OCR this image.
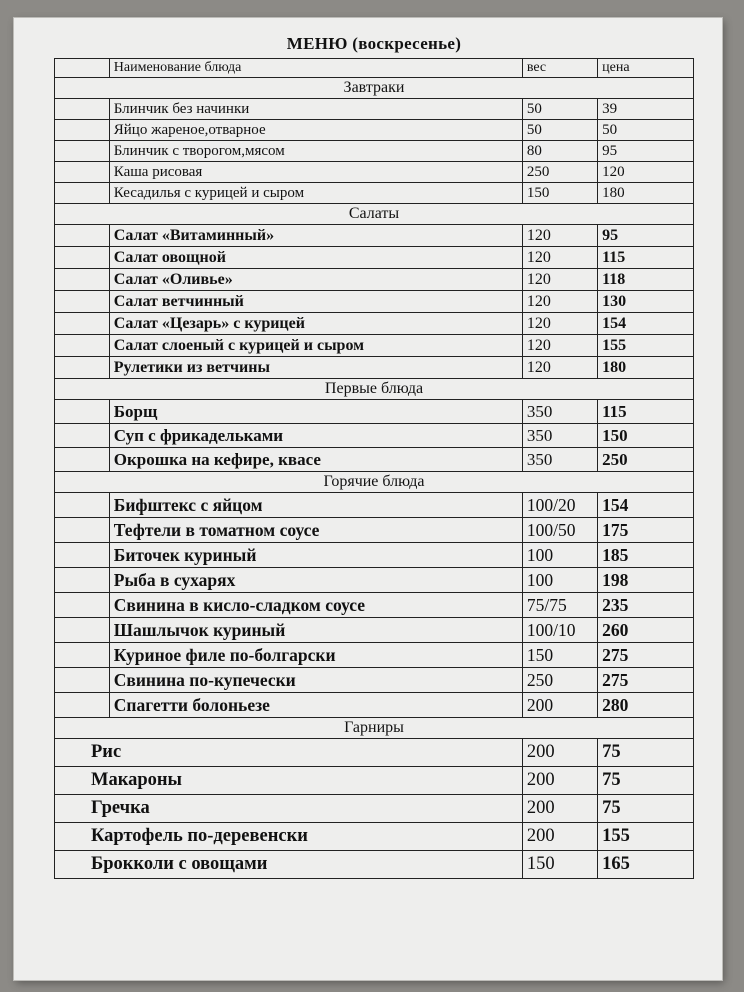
МЕНЮ (воскресенье)
	Наименование блюда	вес	цена
Завтраки			
	Блинчик без начинки	50	39
	Яйцо жареное,отварное	50	50
	Блинчик с творогом,мясом	80	95
	Каша рисовая	250	120
	Кесадилья с курицей и сыром	150	180
Салаты			
	Салат «Витаминный»	120	95
	Салат овощной	120	115
	Салат «Оливье»	120	118
	Салат ветчинный	120	130
	Салат «Цезарь» с курицей	120	154
	Салат слоеный с курицей и сыром	120	155
	Рулетики из ветчины	120	180
Первые блюда			
	Борщ	350	115
	Суп с фрикадельками	350	150
	Окрошка на кефире, квасе	350	250
Горячие блюда			
	Бифштекс с яйцом	100/20	154
	Тефтели в томатном соусе	100/50	175
	Биточек куриный	100	185
	Рыба в сухарях	100	198
	Свинина в кисло-сладком соусе	75/75	235
	Шашлычок куриный	100/10	260
	Куриное филе по-болгарски	150	275
	Свинина по-купечески	250	275
	Спагетти болоньезе	200	280
Гарниры			
Рис		200	75
Макароны		200	75
Гречка		200	75
Картофель по-деревенски		200	155
Брокколи с овощами		150	165
